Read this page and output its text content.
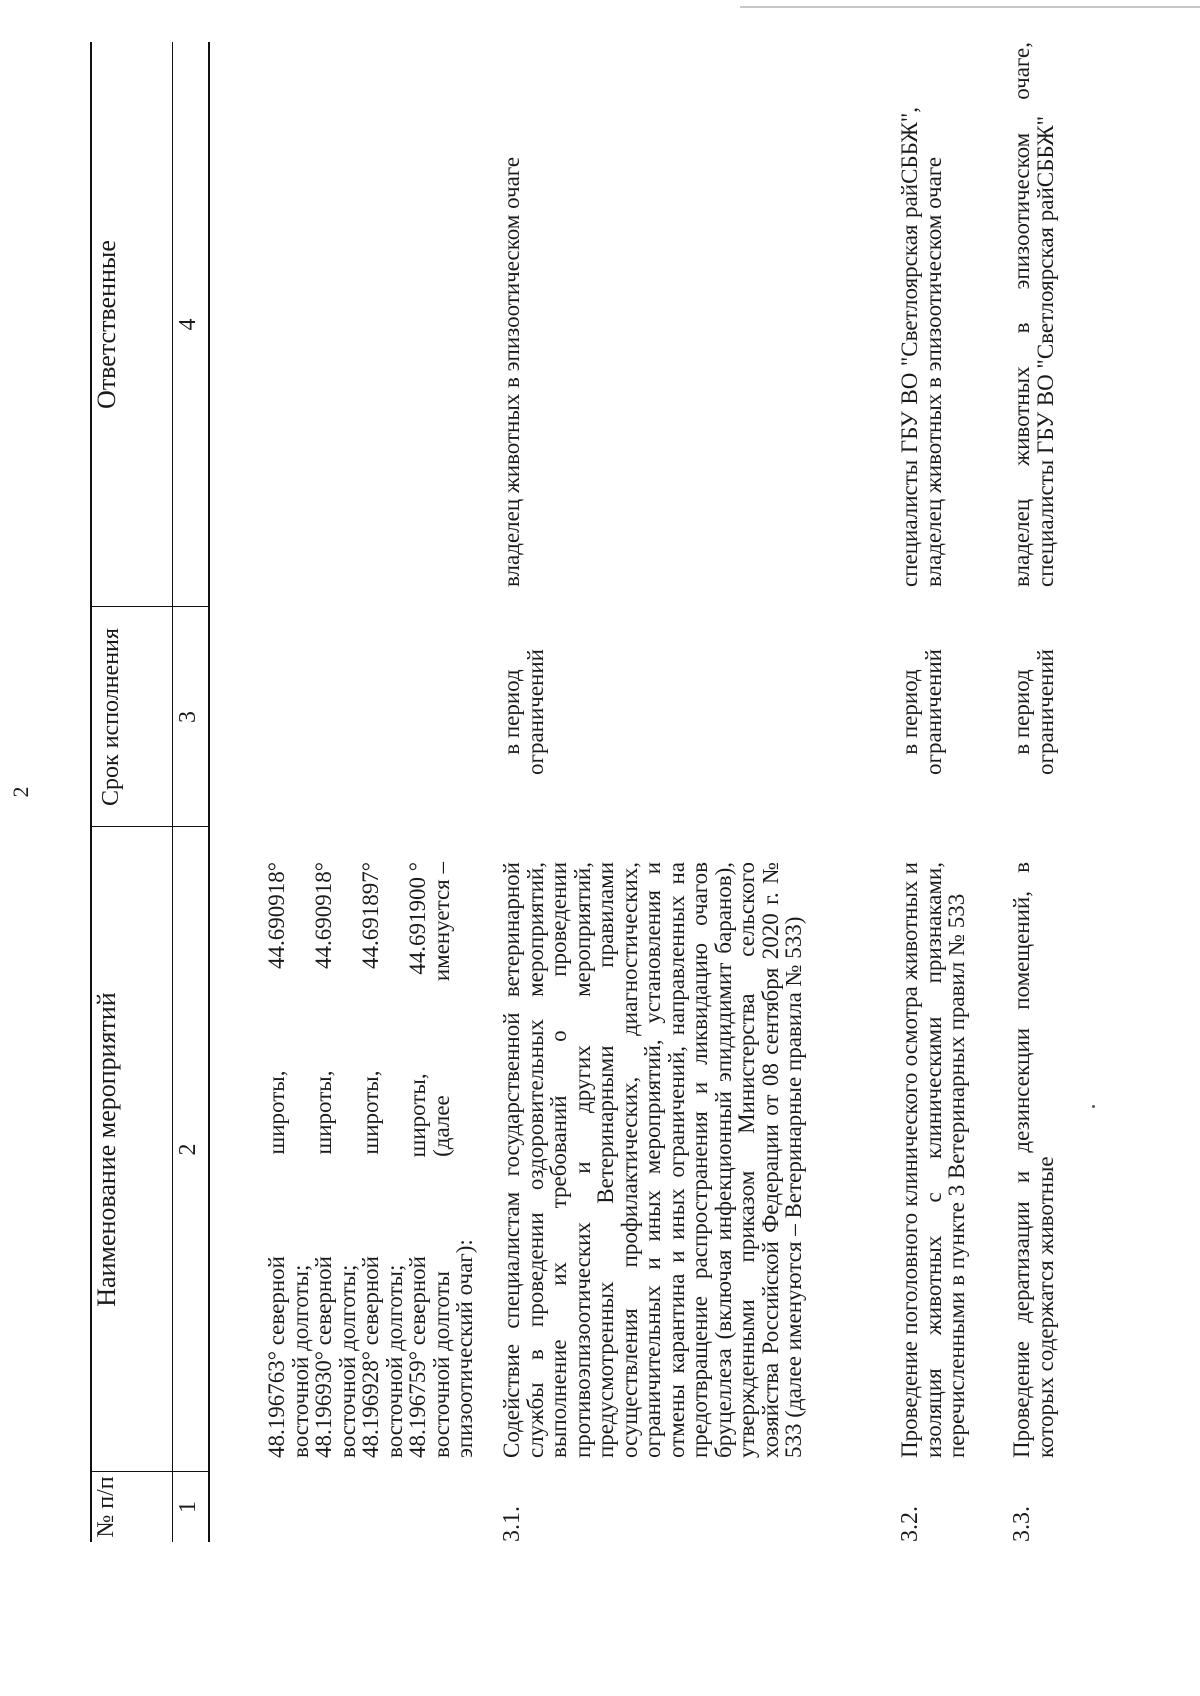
2
№ п/п
Наименование мероприятий
Срок исполнения
Ответственные
1
2
3
4
48.196763° северной
широты,
44.690918°
восточной долготы;
48.196930° северной
широты,
44.690918°
восточной долготы;
48.196928° северной
широты,
44.691897°
восточной долготы;
48.196759° северной
широты,
44.691900 °
восточной долготы
(далее
именуется –
эпизоотический очаг):
3.1.
Содействие специалистам государственной ветеринарной службы в проведении оздоровительных мероприятий, выполнение их требований о проведении противоэпизоотических и других мероприятий, предусмотренных Ветеринарными правилами осуществления профилактических, диагностических, ограничительных и иных мероприятий, установления и отмены карантина и иных ограничений, направленных на предотвращение распространения и ликвидацию очагов бруцеллеза (включая инфекционный эпидидимит баранов), утвержденными приказом Министерства сельского хозяйства Российской Федерации от 08 сентября 2020 г. № 533 (далее именуются – Ветеринарные правила № 533)
в период ограничений
владелец животных в эпизоотическом очаге
3.2.
Проведение поголовного клинического осмотра животных и изоляция животных с клиническими признаками, перечисленными в пункте 3 Ветеринарных правил № 533
в период ограничений
специалисты ГБУ ВО "Светлоярская райСББЖ", владелец животных в эпизоотическом очаге
3.3.
Проведение дератизации и дезинсекции помещений, в которых содержатся животные
в период ограничений
владелец животных в эпизоотическом очаге, специалисты ГБУ ВО "Светлоярская райСББЖ"
